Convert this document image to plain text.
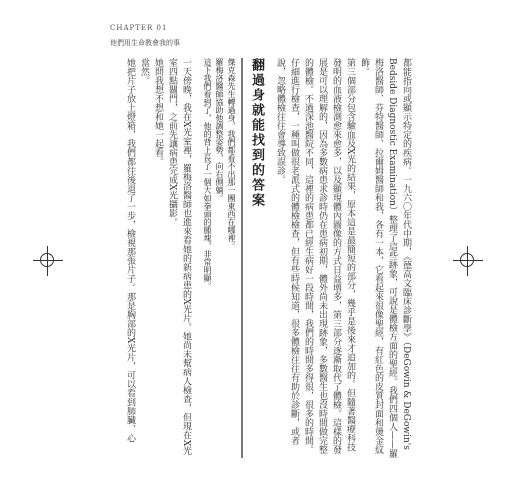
CHAPTER 01
他們用生命教會我的事

都能指向或顯示特定的疾病。一九六〇年代中期，《德高文臨床診斷學》（DeGowin & DeGowin's Bedside Diagnostic Examination）整理了這些跡象，可說是體檢方面的聖經。我們四個人——羅梅洛醫師、芬特醫師、拉爾姆醫師和我，各有一本，它看起來很像聖經，有紅色的皮質封面和燙金紋飾。

第三個部分包含驗血及X光的結果，原本這是最簡短的部分，幾乎是後來才追加的。但隨著醫療科技發明的血液檢測愈來愈多，以及顯現體內圖像的方式日益增多，第三部分逐漸取代了體檢。這樣的發展是可以理解的，因為多數病患求診時仍在患病初期，體外尚未出現跡象，多數醫生也沒時間做完整的體檢。不過深池醫院不同，這裡的病患都已經生病好一段時間，我們的時間多得很，很多的時間。仔細進行檢查，一種叫做很老派式的體檢檢查，但有些時候知道，很多體檢往往有助於診斷，或者說，忽略體檢往往會導致誤診。

翻過身就能找到的答案

傑克森先生轉過身，我們都看不出那一團東西在哪裡。

羅梅洛醫師協助他調整姿勢，向右側躺。

這下我們看到了，他的背上長了一個大如拳頭的腫塊，非常明顯。

一天傍晚，我在X光室裡，羅梅洛醫師也進來看她的新病患的X光片。她尚未幫病人檢查，但現在X光室四點關門，之前先讓病患完成X光攝影。

她問我想不想和她一起看。

當然。

她把片子放上燈箱，我們都往後退了一步，檢視那張片子。那是胸部的X光片，可以看到肺臟、心
